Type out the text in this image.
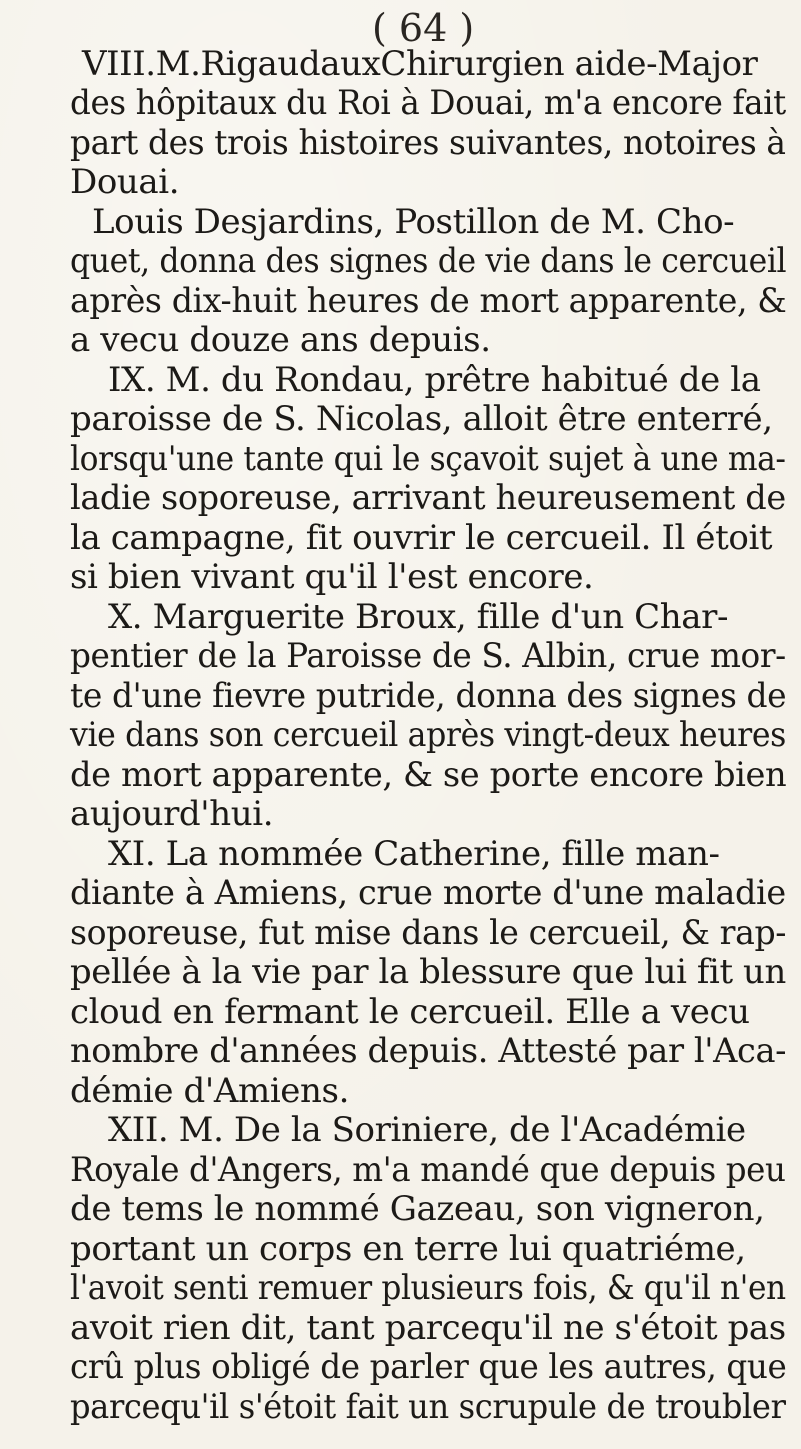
( 64 )
VIII.M.RigaudauxChirurgien aide-Major
des hôpitaux du Roi à Douai, m'a encore fait
part des trois histoires suivantes, notoires à
Douai.
Louis Desjardins, Postillon de M. Cho-
quet, donna des signes de vie dans le cercueil
après dix-huit heures de mort apparente, &
a vecu douze ans depuis.
IX. M. du Rondau, prêtre habitué de la
paroisse de S. Nicolas, alloit être enterré,
lorsqu'une tante qui le sçavoit sujet à une ma-
ladie soporeuse, arrivant heureusement de
la campagne, fit ouvrir le cercueil. Il étoit
si bien vivant qu'il l'est encore.
X. Marguerite Broux, fille d'un Char-
pentier de la Paroisse de S. Albin, crue mor-
te d'une fievre putride, donna des signes de
vie dans son cercueil après vingt-deux heures
de mort apparente, & se porte encore bien
aujourd'hui.
XI. La nommée Catherine, fille man-
diante à Amiens, crue morte d'une maladie
soporeuse, fut mise dans le cercueil, & rap-
pellée à la vie par la blessure que lui fit un
cloud en fermant le cercueil. Elle a vecu
nombre d'années depuis. Attesté par l'Aca-
démie d'Amiens.
XII. M. De la Soriniere, de l'Académie
Royale d'Angers, m'a mandé que depuis peu
de tems le nommé Gazeau, son vigneron,
portant un corps en terre lui quatriéme,
l'avoit senti remuer plusieurs fois, & qu'il n'en
avoit rien dit, tant parcequ'il ne s'étoit pas
crû plus obligé de parler que les autres, que
parcequ'il s'étoit fait un scrupule de troubler
